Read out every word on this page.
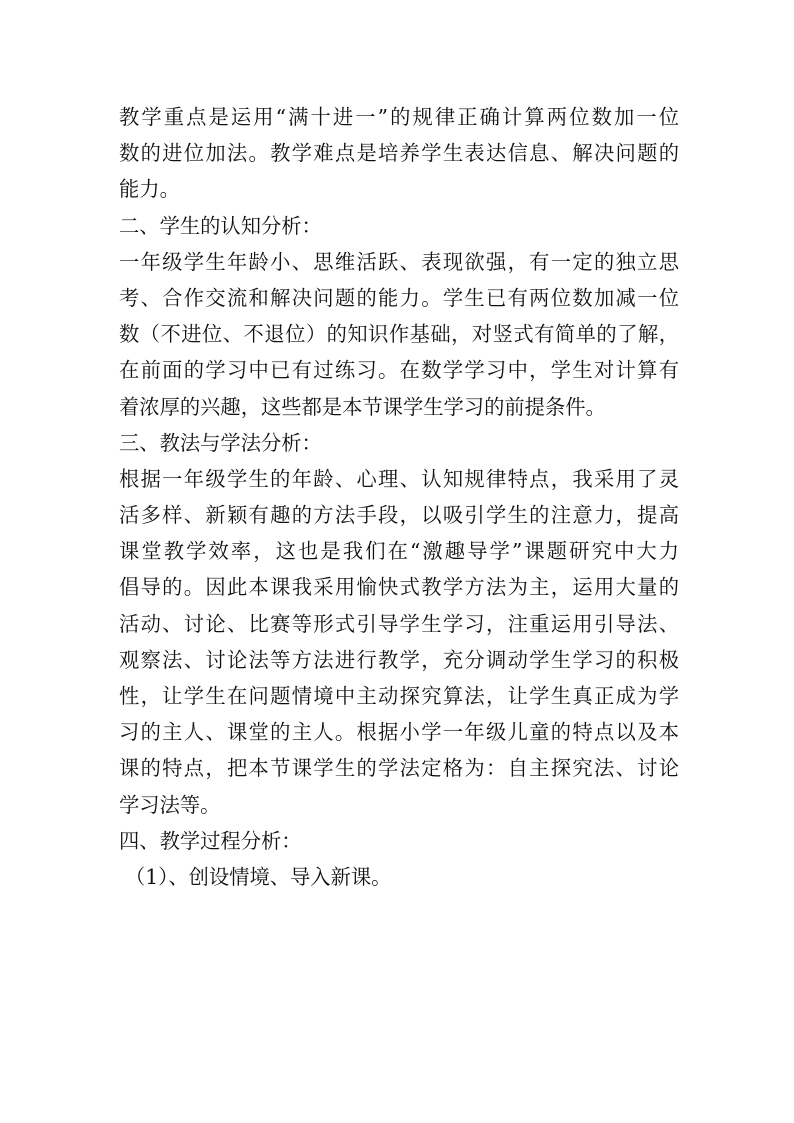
教学重点是运用“满十进一”的规律正确计算两位数加一位
数的进位加法。教学难点是培养学生表达信息、解决问题的
能力。
二、学生的认知分析：
一年级学生年龄小、思维活跃、表现欲强，有一定的独立思
考、合作交流和解决问题的能力。学生已有两位数加减一位
数（不进位、不退位）的知识作基础，对竖式有简单的了解，
在前面的学习中已有过练习。在数学学习中，学生对计算有
着浓厚的兴趣，这些都是本节课学生学习的前提条件。
三、教法与学法分析：
根据一年级学生的年龄、心理、认知规律特点，我采用了灵
活多样、新颖有趣的方法手段，以吸引学生的注意力，提高
课堂教学效率，这也是我们在“激趣导学”课题研究中大力
倡导的。因此本课我采用愉快式教学方法为主，运用大量的
活动、讨论、比赛等形式引导学生学习，注重运用引导法、
观察法、讨论法等方法进行教学，充分调动学生学习的积极
性，让学生在问题情境中主动探究算法，让学生真正成为学
习的主人、课堂的主人。根据小学一年级儿童的特点以及本
课的特点，把本节课学生的学法定格为：自主探究法、讨论
学习法等。
四、教学过程分析：
（1）、创设情境、导入新课。
